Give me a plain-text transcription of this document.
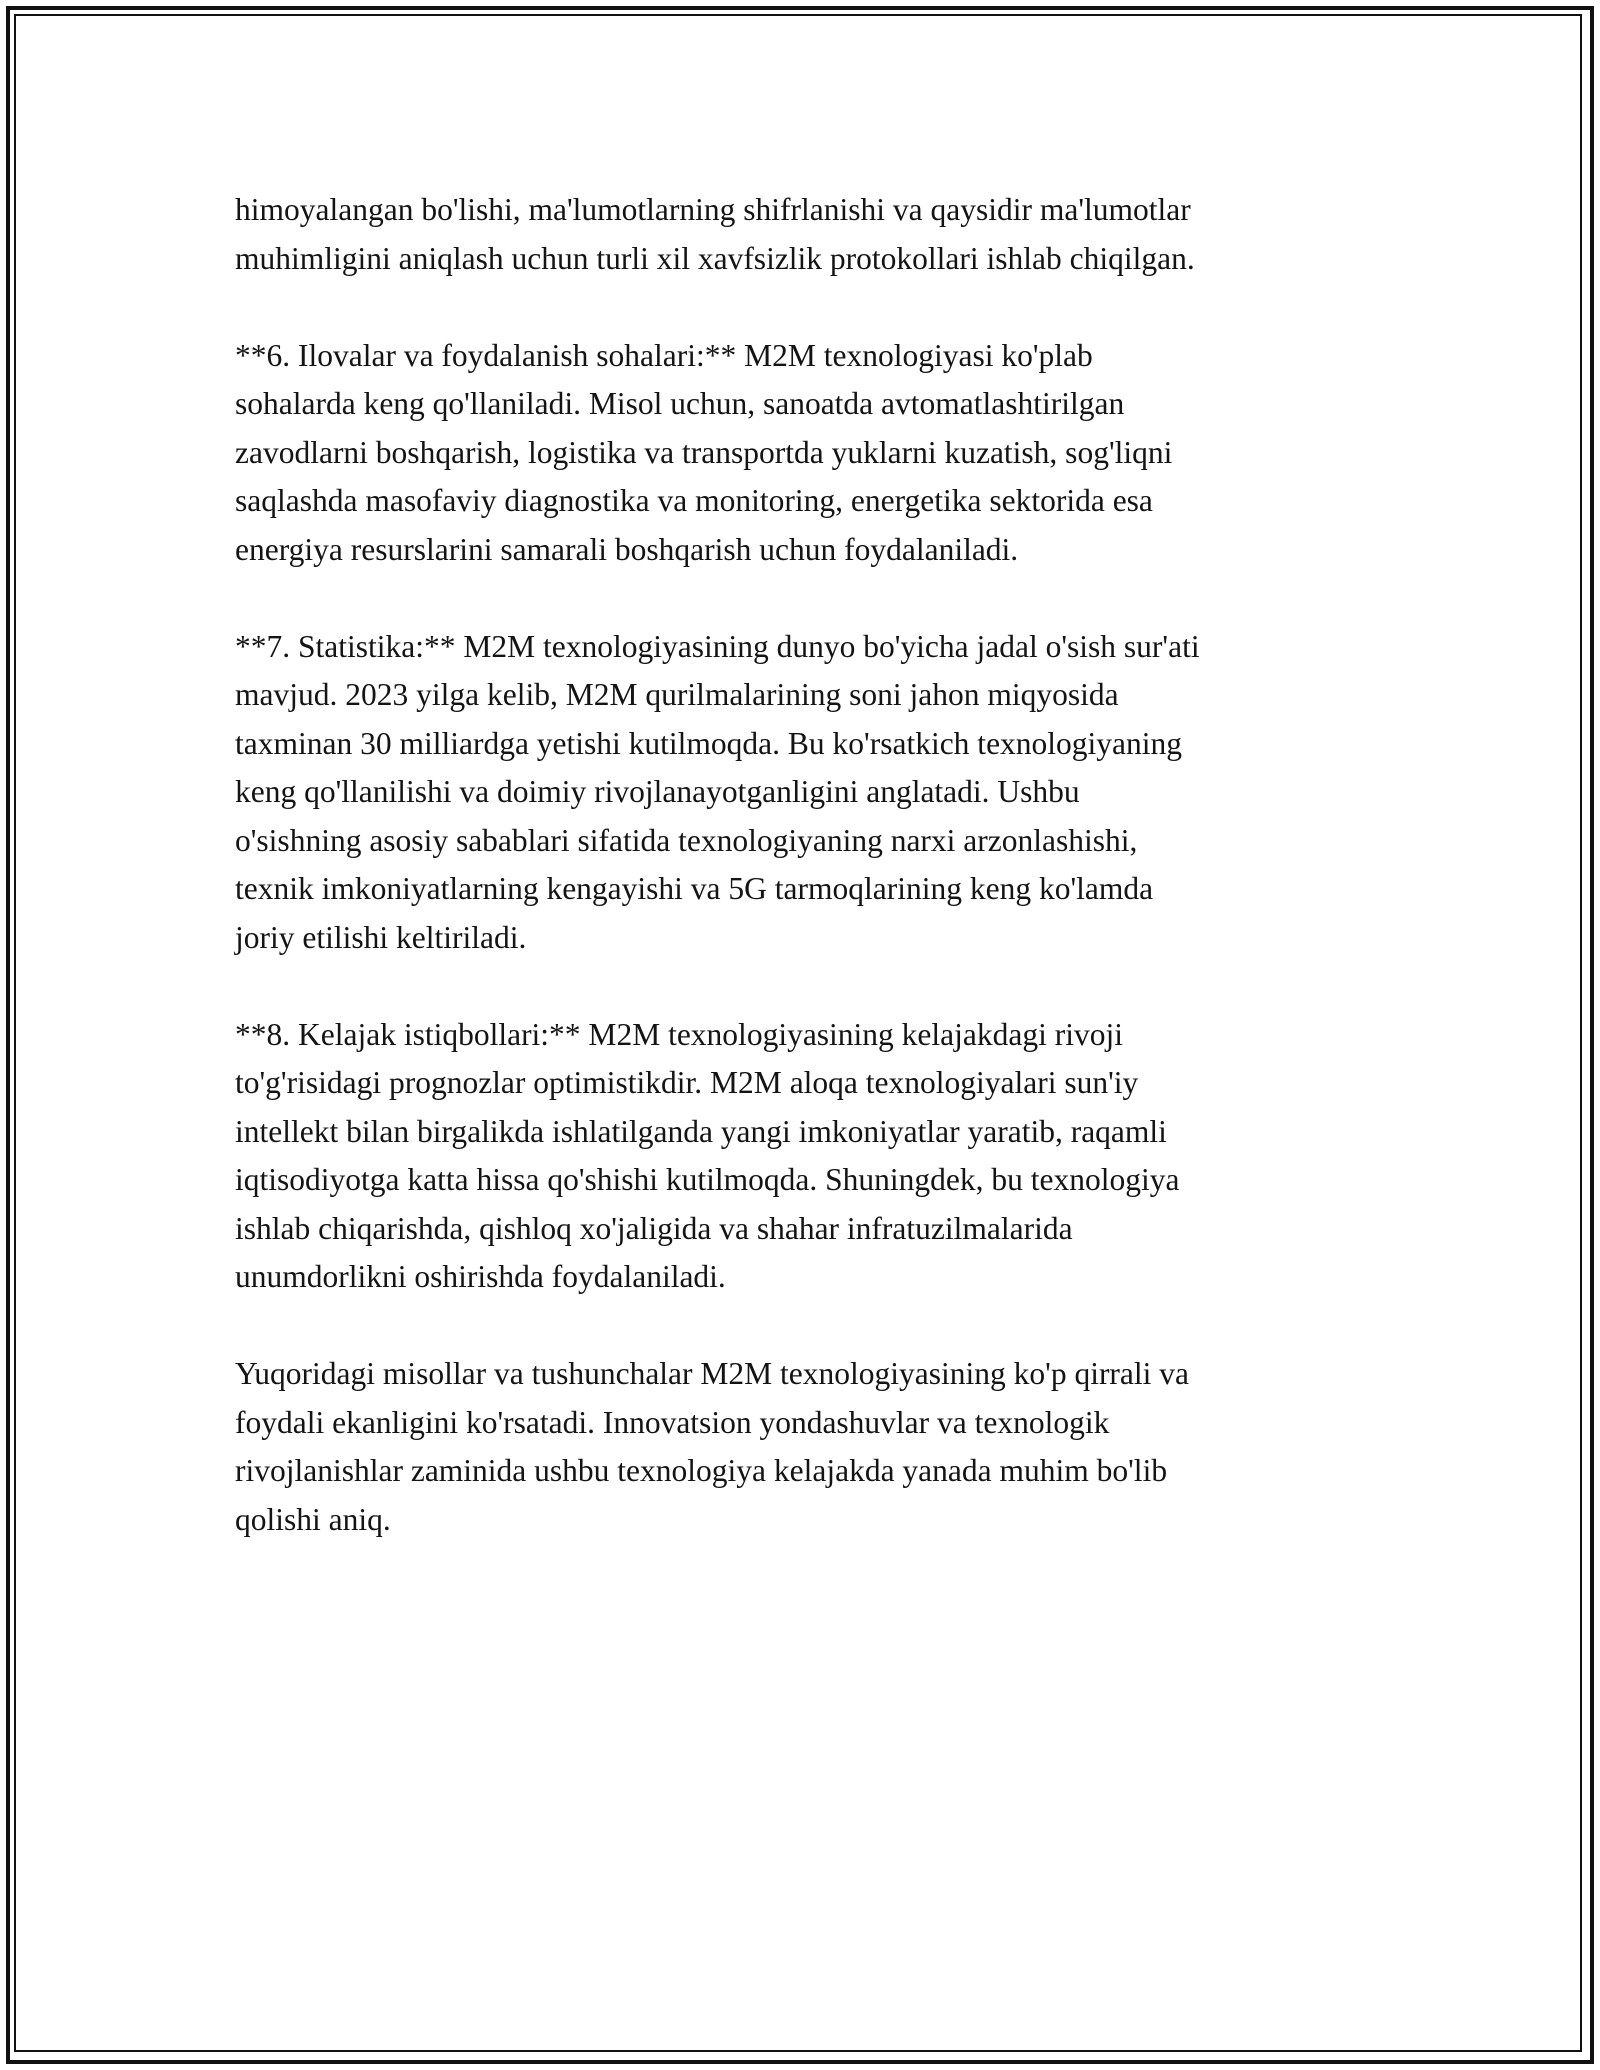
himoyalangan bo'lishi, ma'lumotlarning shifrlanishi va qaysidir ma'lumotlar
muhimligini aniqlash uchun turli xil xavfsizlik protokollari ishlab chiqilgan.

**6. Ilovalar va foydalanish sohalari:** M2M texnologiyasi ko'plab
sohalarda keng qo'llaniladi. Misol uchun, sanoatda avtomatlashtirilgan
zavodlarni boshqarish, logistika va transportda yuklarni kuzatish, sog'liqni
saqlashda masofaviy diagnostika va monitoring, energetika sektorida esa
energiya resurslarini samarali boshqarish uchun foydalaniladi.

**7. Statistika:** M2M texnologiyasining dunyo bo'yicha jadal o'sish sur'ati
mavjud. 2023 yilga kelib, M2M qurilmalarining soni jahon miqyosida
taxminan 30 milliardga yetishi kutilmoqda. Bu ko'rsatkich texnologiyaning
keng qo'llanilishi va doimiy rivojlanayotganligini anglatadi. Ushbu
o'sishning asosiy sabablari sifatida texnologiyaning narxi arzonlashishi,
texnik imkoniyatlarning kengayishi va 5G tarmoqlarining keng ko'lamda
joriy etilishi keltiriladi.

**8. Kelajak istiqbollari:** M2M texnologiyasining kelajakdagi rivoji
to'g'risidagi prognozlar optimistikdir. M2M aloqa texnologiyalari sun'iy
intellekt bilan birgalikda ishlatilganda yangi imkoniyatlar yaratib, raqamli
iqtisodiyotga katta hissa qo'shishi kutilmoqda. Shuningdek, bu texnologiya
ishlab chiqarishda, qishloq xo'jaligida va shahar infratuzilmalarida
unumdorlikni oshirishda foydalaniladi.

Yuqoridagi misollar va tushunchalar M2M texnologiyasining ko'p qirrali va
foydali ekanligini ko'rsatadi. Innovatsion yondashuvlar va texnologik
rivojlanishlar zaminida ushbu texnologiya kelajakda yanada muhim bo'lib
qolishi aniq.
